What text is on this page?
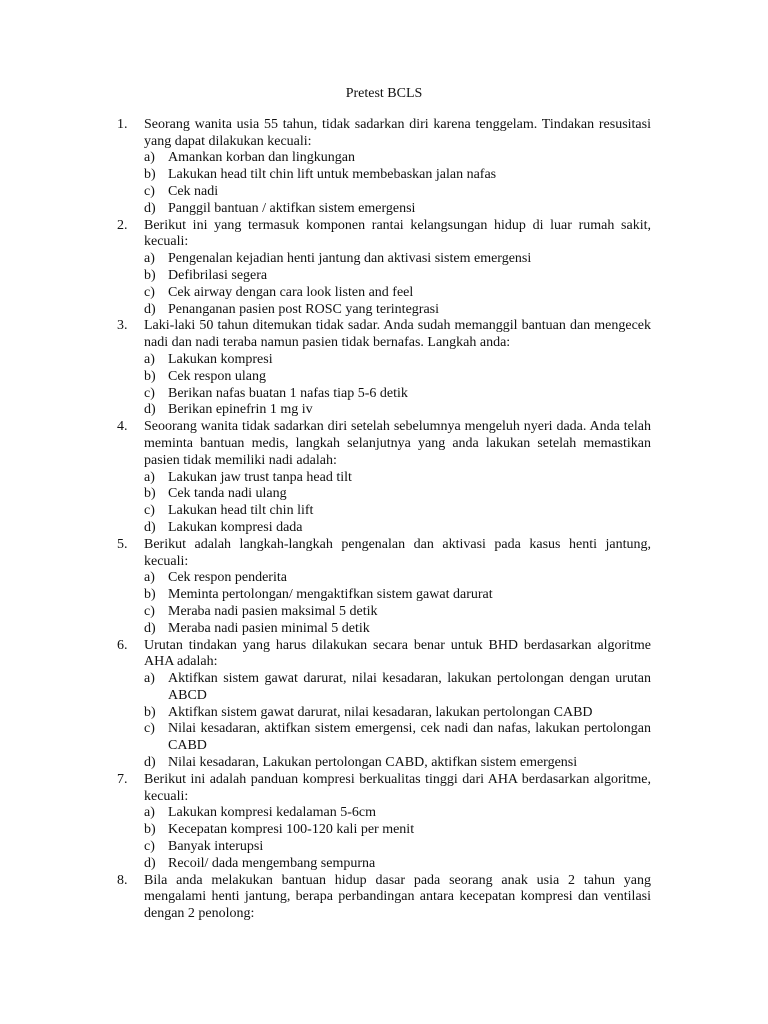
Pretest BCLS
1.	Seorang wanita usia 55 tahun, tidak sadarkan diri karena tenggelam. Tindakan resusitasi yang dapat dilakukan kecuali:
a) Amankan korban dan lingkungan
b) Lakukan head tilt chin lift untuk membebaskan jalan nafas
c) Cek nadi
d) Panggil bantuan / aktifkan sistem emergensi
2.	Berikut ini yang termasuk komponen rantai kelangsungan hidup di luar rumah sakit, kecuali:
a) Pengenalan kejadian henti jantung dan aktivasi sistem emergensi
b) Defibrilasi segera
c) Cek airway dengan cara look listen and feel
d) Penanganan pasien post ROSC yang terintegrasi
3.	Laki-laki 50 tahun ditemukan tidak sadar. Anda sudah memanggil bantuan dan mengecek nadi dan nadi teraba namun pasien tidak bernafas. Langkah anda:
a) Lakukan kompresi
b) Cek respon ulang
c) Berikan nafas buatan 1 nafas tiap 5-6 detik
d) Berikan epinefrin 1 mg iv
4.	Seoorang wanita tidak sadarkan diri setelah sebelumnya mengeluh nyeri dada. Anda telah meminta bantuan medis, langkah selanjutnya yang anda lakukan setelah memastikan pasien tidak memiliki nadi adalah:
a) Lakukan jaw trust tanpa head tilt
b) Cek tanda nadi ulang
c) Lakukan head tilt chin lift
d) Lakukan kompresi dada
5.	Berikut adalah langkah-langkah pengenalan dan aktivasi pada kasus henti jantung, kecuali:
a) Cek respon penderita
b) Meminta pertolongan/ mengaktifkan sistem gawat darurat
c) Meraba nadi pasien maksimal 5 detik
d) Meraba nadi pasien minimal 5 detik
6.	Urutan tindakan yang harus dilakukan secara benar untuk BHD berdasarkan algoritme AHA adalah:
a) Aktifkan sistem gawat darurat, nilai kesadaran, lakukan pertolongan dengan urutan ABCD
b) Aktifkan sistem gawat darurat, nilai kesadaran, lakukan pertolongan CABD
c) Nilai kesadaran, aktifkan sistem emergensi, cek nadi dan nafas, lakukan pertolongan CABD
d) Nilai kesadaran, Lakukan pertolongan CABD, aktifkan sistem emergensi
7.	Berikut ini adalah panduan kompresi berkualitas tinggi dari AHA berdasarkan algoritme, kecuali:
a) Lakukan kompresi kedalaman 5-6cm
b) Kecepatan kompresi 100-120 kali per menit
c) Banyak interupsi
d) Recoil/ dada mengembang sempurna
8.	Bila anda melakukan bantuan hidup dasar pada seorang anak usia 2 tahun yang mengalami henti jantung, berapa perbandingan antara kecepatan kompresi dan ventilasi dengan 2 penolong:
